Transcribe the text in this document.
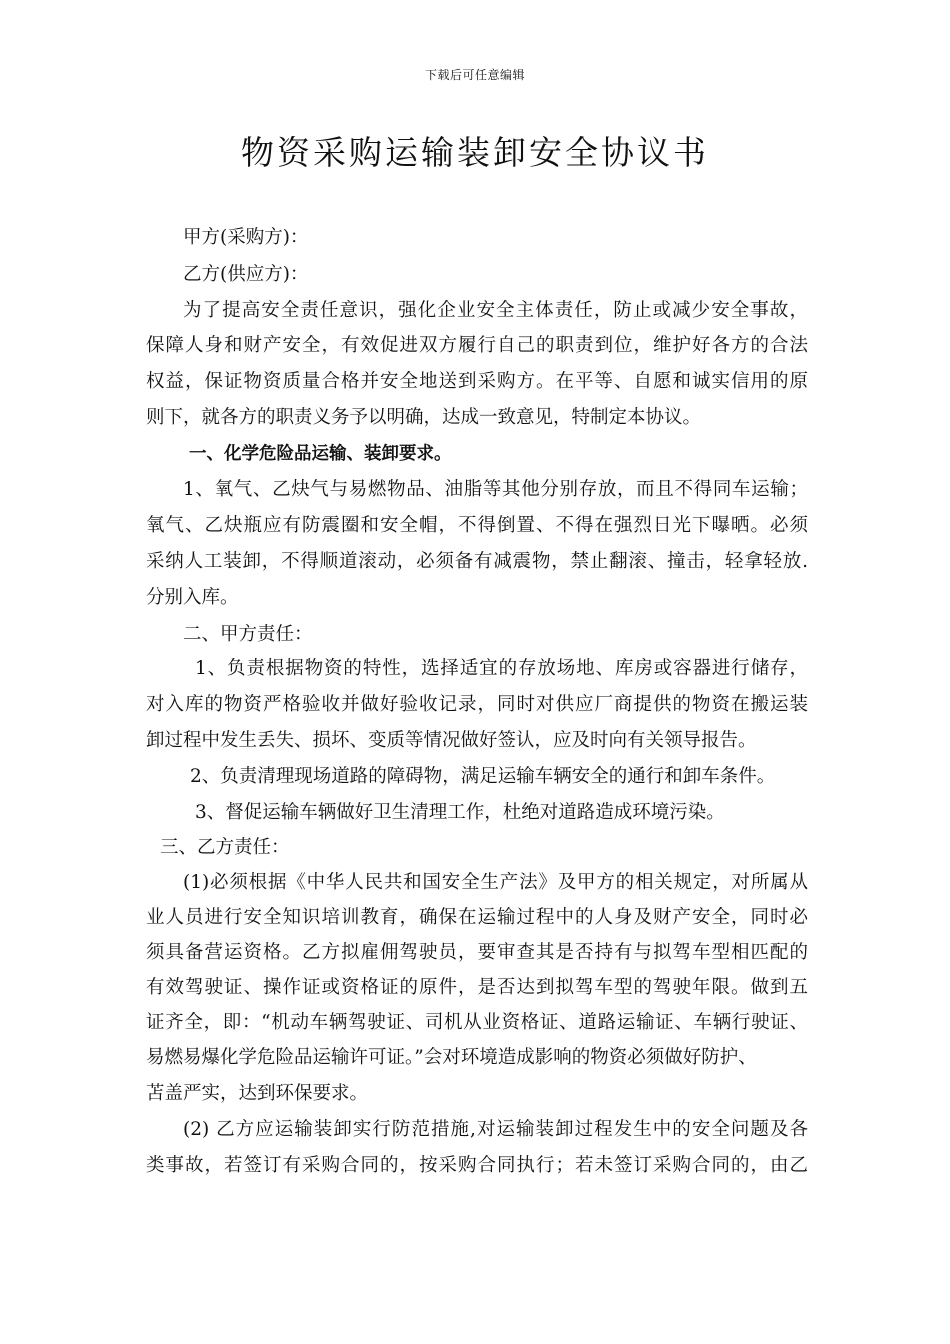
下载后可任意编辑
物资采购运输装卸安全协议书
甲方(采购方)：
乙方(供应方)：
为了提高安全责任意识，强化企业安全主体责任，防止或减少安全事故，
保障人身和财产安全，有效促进双方履行自己的职责到位，维护好各方的合法
权益，保证物资质量合格并安全地送到采购方。在平等、自愿和诚实信用的原
则下，就各方的职责义务予以明确，达成一致意见，特制定本协议。
一、化学危险品运输、装卸要求。
1、氧气、乙炔气与易燃物品、油脂等其他分别存放，而且不得同车运输；
氧气、乙炔瓶应有防震圈和安全帽，不得倒置、不得在强烈日光下曝晒。必须
采纳人工装卸，不得顺道滚动，必须备有减震物，禁止翻滚、撞击，轻拿轻放.
分别入库。
二、甲方责任：
1、负责根据物资的特性，选择适宜的存放场地、库房或容器进行储存，
对入库的物资严格验收并做好验收记录，同时对供应厂商提供的物资在搬运装
卸过程中发生丢失、损坏、变质等情况做好签认，应及时向有关领导报告。
2、负责清理现场道路的障碍物，满足运输车辆安全的通行和卸车条件。
3、督促运输车辆做好卫生清理工作，杜绝对道路造成环境污染。
三、乙方责任：
(1)必须根据《中华人民共和国安全生产法》及甲方的相关规定，对所属从
业人员进行安全知识培训教育，确保在运输过程中的人身及财产安全，同时必
须具备营运资格。乙方拟雇佣驾驶员，要审查其是否持有与拟驾车型相匹配的
有效驾驶证、操作证或资格证的原件，是否达到拟驾车型的驾驶年限。做到五
证齐全，即：“机动车辆驾驶证、司机从业资格证、道路运输证、车辆行驶证、
易燃易爆化学危险品运输许可证。”会对环境造成影响的物资必须做好防护、
苫盖严实，达到环保要求。
(2) 乙方应运输装卸实行防范措施,对运输装卸过程发生中的安全问题及各
类事故，若签订有采购合同的，按采购合同执行；若未签订采购合同的，由乙
